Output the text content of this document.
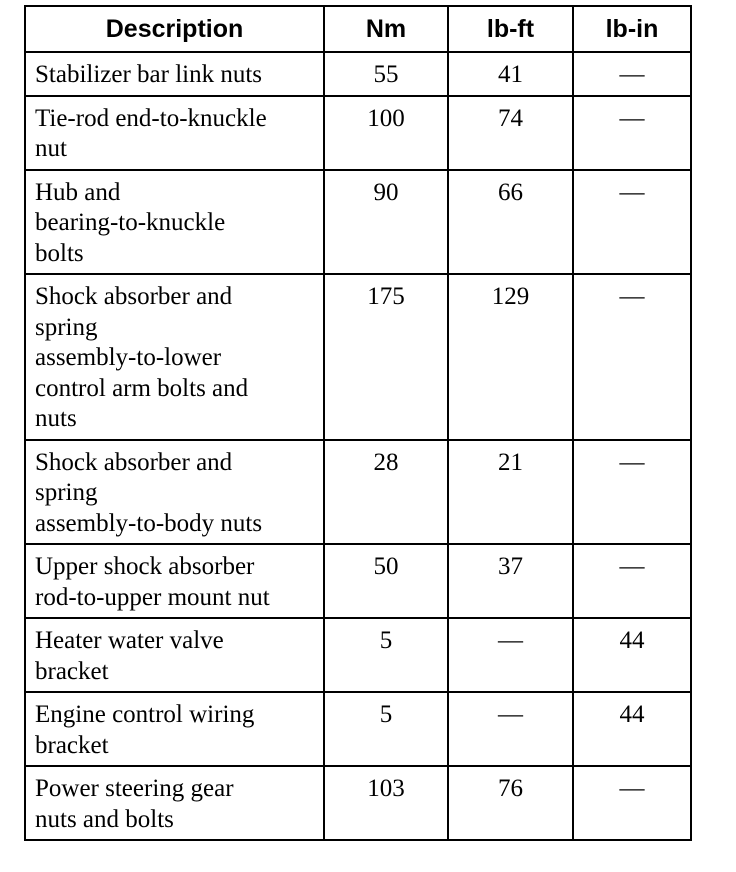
Description	Nm	lb-ft	lb-in

Stabilizer bar link nuts	55	41	—

Tie-rod end-to-knuckle
nut	100	74	—

Hub and
bearing-to-knuckle
bolts	90	66	—

Shock absorber and
spring
assembly-to-lower
control arm bolts and
nuts	175	129	—

Shock absorber and
spring
assembly-to-body nuts	28	21	—

Upper shock absorber
rod-to-upper mount nut	50	37	—

Heater water valve
bracket	5	—	44

Engine control wiring
bracket	5	—	44

Power steering gear
nuts and bolts	103	76	—
